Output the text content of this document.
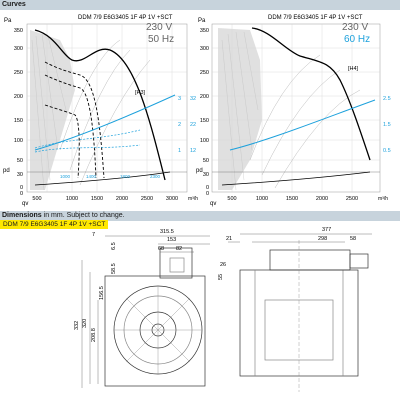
Curves
DDM 7/9 E6G3405 1F 4P 1V +SCT
230 V
50 Hz
Pa
350
300
250
200
150
100
50
0
pd
500	1000 1500 2000 2500 3000 m³/h
qv
[H3]
1000	1400	1800	2300
3
2
1
32
22
12
30
0
DDM 7/9 E6G3405 1F 4P 1V +SCT
230 V
60 Hz
Pa
350
300
250
200
150
100
50
0
pd
500	1000	1500	2000	2500	m³/h
qv
[H4]
2.5
1.5
0.5
30
0
315.5
153
82
68
26
332 320
208.8
156.5
58.5
6.5
7
55
377
298	58
21
Dimensions in mm. Subject to change.
DDM 7/9 E6G3405 1F 4P 1V +SCT
